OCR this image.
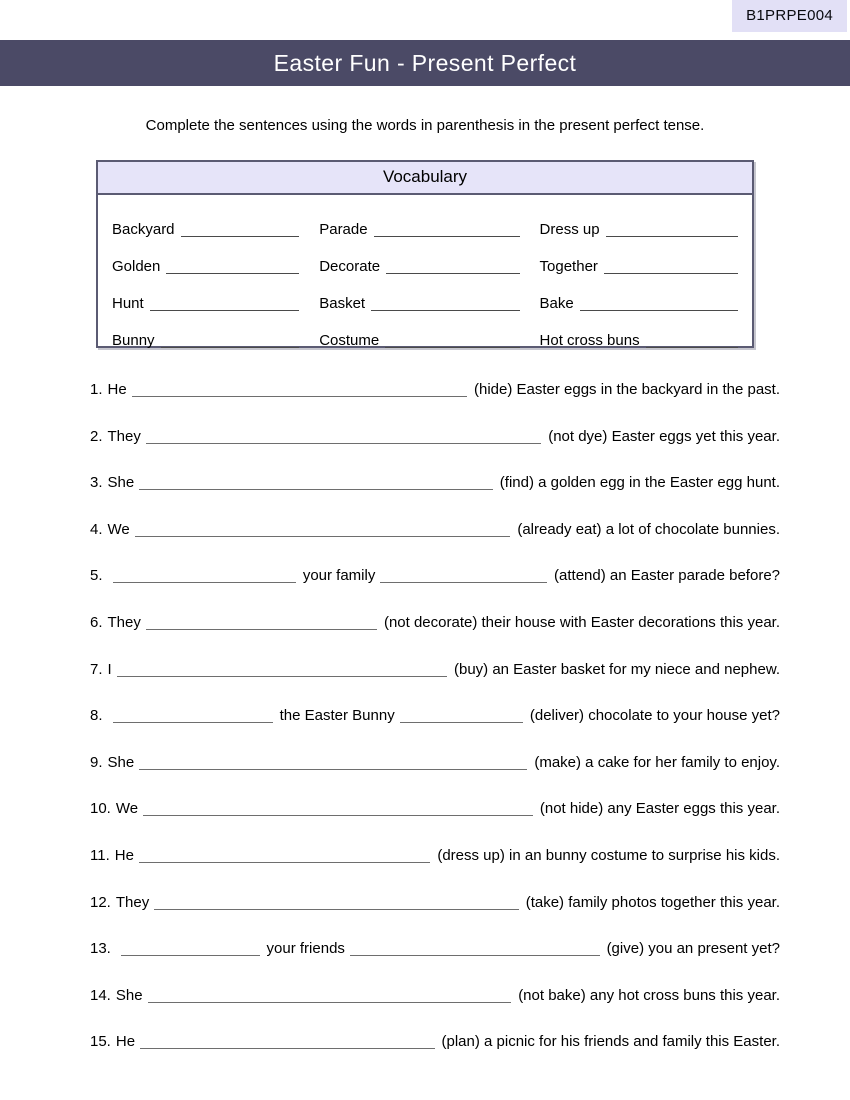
B1PRPE004
Easter Fun - Present Perfect

Complete the sentences using the words in parenthesis in the present perfect tense.

Vocabulary
Backyard	Parade	Dress up
Golden	Decorate	Together
Hunt	Basket	Bake
Bunny	Costume	Hot cross buns
1. He	(hide) Easter eggs in the backyard in the past.
2. They	(not dye) Easter eggs yet this year.
3. She	(find) a golden egg in the Easter egg hunt.
4. We	(already eat) a lot of chocolate bunnies.
5.	your family	(attend) an Easter parade before?
6. They	(not decorate) their house with Easter decorations this year.
7. I	(buy) an Easter basket for my niece and nephew.
8.	the Easter Bunny	(deliver) chocolate to your house yet?
9. She	(make) a cake for her family to enjoy.
10. We	(not hide) any Easter eggs this year.
11. He	(dress up) in an bunny costume to surprise his kids.
12. They	(take) family photos together this year.
13.	your friends	(give) you an present yet?
14. She	(not bake) any hot cross buns this year.
15. He	(plan) a picnic for his friends and family this Easter.
